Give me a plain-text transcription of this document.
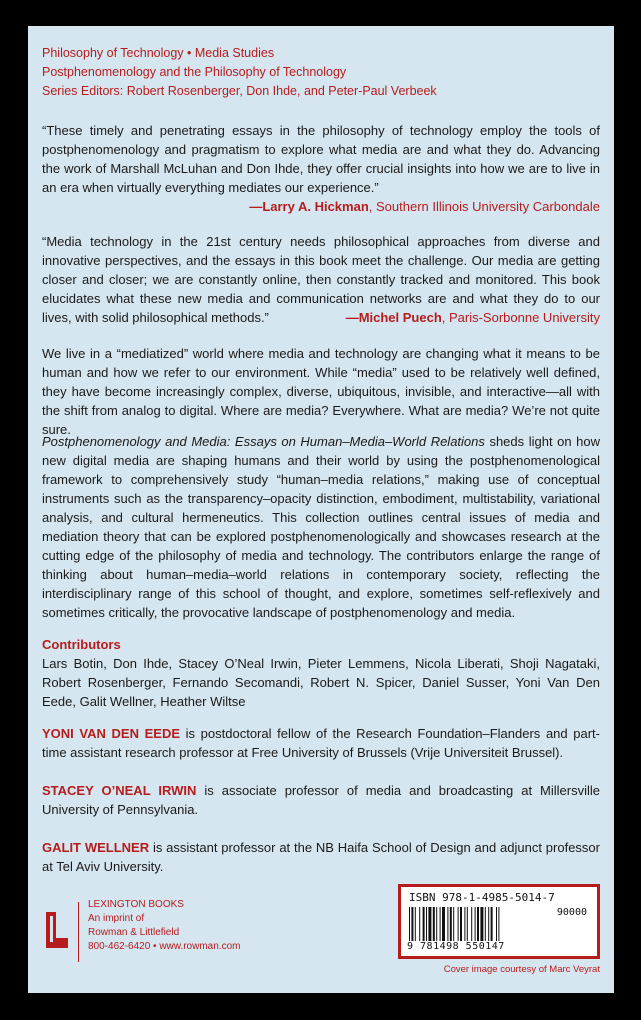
Philosophy of Technology • Media Studies
Postphenomenology and the Philosophy of Technology
Series Editors: Robert Rosenberger, Don Ihde, and Peter-Paul Verbeek
“These timely and penetrating essays in the philosophy of technology employ the tools of postphenomenology and pragmatism to explore what media are and what they do. Advancing the work of Marshall McLuhan and Don Ihde, they offer crucial insights into how we are to live in an era when virtually everything mediates our experience.”
—Larry A. Hickman, Southern Illinois University Carbondale
“Media technology in the 21st century needs philosophical approaches from diverse and innovative perspectives, and the essays in this book meet the challenge. Our media are getting closer and closer; we are constantly online, then constantly tracked and monitored. This book elucidates what these new media and communication networks are and what they do to our lives, with solid philosophical methods.”	—Michel Puech, Paris-Sorbonne University
We live in a “mediatized” world where media and technology are changing what it means to be human and how we refer to our environment. While “media” used to be relatively well defined, they have become increasingly complex, diverse, ubiquitous, invisible, and interactive—all with the shift from analog to digital. Where are media? Everywhere. What are media? We’re not quite sure.
Postphenomenology and Media: Essays on Human–Media–World Relations sheds light on how new digital media are shaping humans and their world by using the postphenomenological framework to comprehensively study “human–media relations,” making use of conceptual instruments such as the transparency–opacity distinction, embodiment, multistability, variational analysis, and cultural hermeneutics. This collection outlines central issues of media and mediation theory that can be explored postphenomenologically and showcases research at the cutting edge of the philosophy of media and technology. The contributors enlarge the range of thinking about human–media–world relations in contemporary society, reflecting the interdisciplinary range of this school of thought, and explore, sometimes self-reflexively and sometimes critically, the provocative landscape of postphenomenology and media.
Contributors
Lars Botin, Don Ihde, Stacey O’Neal Irwin, Pieter Lemmens, Nicola Liberati, Shoji Nagataki, Robert Rosenberger, Fernando Secomandi, Robert N. Spicer, Daniel Susser, Yoni Van Den Eede, Galit Wellner, Heather Wiltse
YONI VAN DEN EEDE is postdoctoral fellow of the Research Foundation–Flanders and part-time assistant research professor at Free University of Brussels (Vrije Universiteit Brussel).
STACEY O’NEAL IRWIN is associate professor of media and broadcasting at Millersville University of Pennsylvania.
GALIT WELLNER is assistant professor at the NB Haifa School of Design and adjunct professor at Tel Aviv University.
LEXINGTON BOOKS
An imprint of
Rowman & Littlefield
800-462-6420 • www.rowman.com
ISBN 978-1-4985-5014-7
90000
9 781498 550147
Cover image courtesy of Marc Veyrat
